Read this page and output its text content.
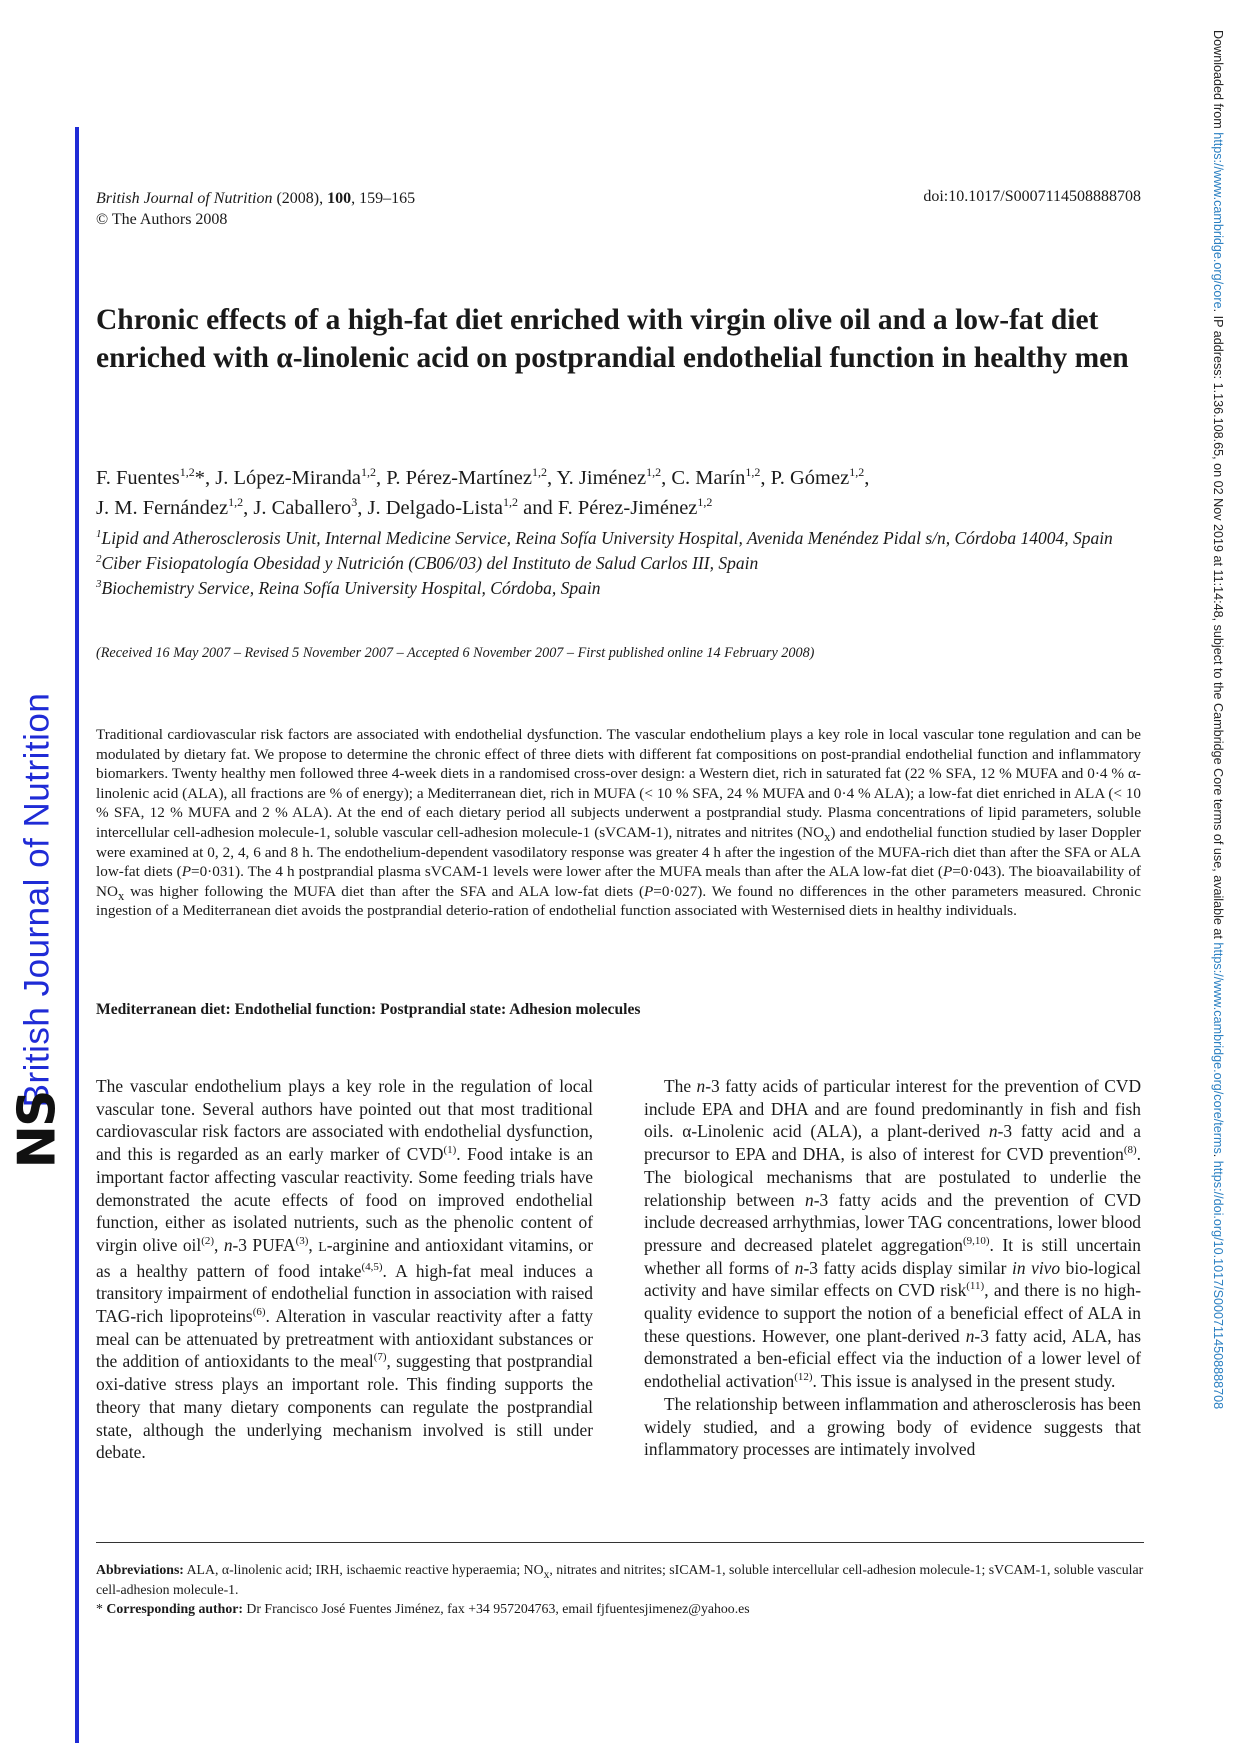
British Journal of Nutrition
NS
Downloaded from https://www.cambridge.org/core. IP address: 1.136.108.65, on 02 Nov 2019 at 11:14:48, subject to the Cambridge Core terms of use, available at https://www.cambridge.org/core/terms. https://doi.org/10.1017/S0007114508888708
British Journal of Nutrition (2008), 100, 159–165
© The Authors 2008
doi:10.1017/S0007114508888708
Chronic effects of a high-fat diet enriched with virgin olive oil and a low-fat diet enriched with α-linolenic acid on postprandial endothelial function in healthy men
F. Fuentes$^{1,2}$*, J. López-Miranda$^{1,2}$, P. Pérez-Martínez$^{1,2}$, Y. Jiménez$^{1,2}$, C. Marín$^{1,2}$, P. Gómez$^{1,2}$,
J. M. Fernández$^{1,2}$, J. Caballero$^3$, J. Delgado-Lista$^{1,2}$ and F. Pérez-Jiménez$^{1,2}$
$^1$Lipid and Atherosclerosis Unit, Internal Medicine Service, Reina Sofía University Hospital, Avenida Menéndez Pidal s/n, Córdoba 14004, Spain
$^2$Ciber Fisiopatología Obesidad y Nutrición (CB06/03) del Instituto de Salud Carlos III, Spain
$^3$Biochemistry Service, Reina Sofía University Hospital, Córdoba, Spain
(Received 16 May 2007 – Revised 5 November 2007 – Accepted 6 November 2007 – First published online 14 February 2008)

Traditional cardiovascular risk factors are associated with endothelial dysfunction. The vascular endothelium plays a key role in local vascular tone regulation and can be modulated by dietary fat. We propose to determine the chronic effect of three diets with different fat compositions on post-prandial endothelial function and inflammatory biomarkers. Twenty healthy men followed three 4-week diets in a randomised cross-over design: a Western diet, rich in saturated fat (22 % SFA, 12 % MUFA and 0·4 % α-linolenic acid (ALA), all fractions are % of energy); a Mediterranean diet, rich in MUFA (< 10 % SFA, 24 % MUFA and 0·4 % ALA); a low-fat diet enriched in ALA (< 10 % SFA, 12 % MUFA and 2 % ALA). At the end of each dietary period all subjects underwent a postprandial study. Plasma concentrations of lipid parameters, soluble intercellular cell-adhesion molecule-1, soluble vascular cell-adhesion molecule-1 (sVCAM-1), nitrates and nitrites $(NO_x)$ and endothelial function studied by laser Doppler were examined at 0, 2, 4, 6 and 8 h. The endothelium-dependent vasodilatory response was greater 4 h after the ingestion of the MUFA-rich diet than after the SFA or ALA low-fat diets (P=0·031). The 4 h postprandial plasma sVCAM-1 levels were lower after the MUFA meals than after the ALA low-fat diet (P=0·043). The bioavailability of $NO_x$ was higher following the MUFA diet than after the SFA and ALA low-fat diets (P=0·027). We found no differences in the other parameters measured. Chronic ingestion of a Mediterranean diet avoids the postprandial deterio-ration of endothelial function associated with Westernised diets in healthy individuals.

Mediterranean diet: Endothelial function: Postprandial state: Adhesion molecules

The vascular endothelium plays a key role in the regulation of local vascular tone. Several authors have pointed out that most traditional cardiovascular risk factors are associated with endothelial dysfunction, and this is regarded as an early marker of CVD$^{(1)}$. Food intake is an important factor affecting vascular reactivity. Some feeding trials have demonstrated the acute effects of food on improved endothelial function, either as isolated nutrients, such as the phenolic content of virgin olive oil$^{(2)}$, n-3 PUFA$^{(3)}$, L-arginine and antioxidant vitamins, or as a healthy pattern of food intake$^{(4,5)}$. A high-fat meal induces a transitory impairment of endothelial function in association with raised TAG-rich lipoproteins$^{(6)}$. Alteration in vascular reactivity after a fatty meal can be attenuated by pretreatment with antioxidant substances or the addition of antioxidants to the meal$^{(7)}$, suggesting that postprandial oxi-dative stress plays an important role. This finding supports the theory that many dietary components can regulate the postprandial state, although the underlying mechanism involved is still under debate.

The n-3 fatty acids of particular interest for the prevention of CVD include EPA and DHA and are found predominantly in fish and fish oils. α-Linolenic acid (ALA), a plant-derived n-3 fatty acid and a precursor to EPA and DHA, is also of interest for CVD prevention$^{(8)}$. The biological mechanisms that are postulated to underlie the relationship between n-3 fatty acids and the prevention of CVD include decreased arrhythmias, lower TAG concentrations, lower blood pressure and decreased platelet aggregation$^{(9,10)}$. It is still uncertain whether all forms of n-3 fatty acids display similar in vivo bio-logical activity and have similar effects on CVD risk$^{(11)}$, and there is no high-quality evidence to support the notion of a beneficial effect of ALA in these questions. However, one plant-derived n-3 fatty acid, ALA, has demonstrated a ben-eficial effect via the induction of a lower level of endothelial activation$^{(12)}$. This issue is analysed in the present study.

The relationship between inflammation and atherosclerosis has been widely studied, and a growing body of evidence suggests that inflammatory processes are intimately involved

Abbreviations: ALA, α-linolenic acid; IRH, ischaemic reactive hyperaemia; $NO_x$, nitrates and nitrites; sICAM-1, soluble intercellular cell-adhesion molecule-1; sVCAM-1, soluble vascular cell-adhesion molecule-1.

* Corresponding author: Dr Francisco José Fuentes Jiménez, fax +34 957204763, email fjfuentesjimenez@yahoo.es
